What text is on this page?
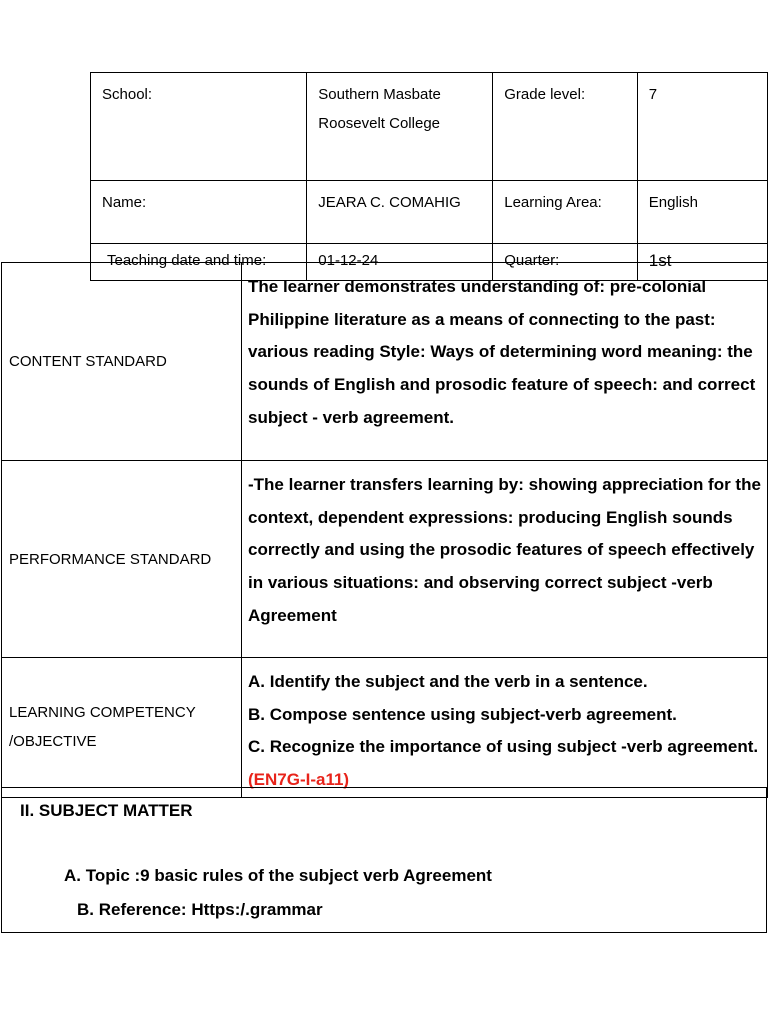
School:	Southern Masbate Roosevelt College	Grade level:	7
Name:	JEARA C. COMAHIG	Learning Area:	English
Teaching date and time:	01-12-24	Quarter:	1st
CONTENT STANDARD	The learner demonstrates understanding of: pre-colonial Philippine literature as a means of connecting to the past: various reading Style: Ways of determining word meaning: the sounds of English and prosodic feature of speech: and correct subject - verb agreement.
PERFORMANCE STANDARD	-The learner transfers learning by: showing appreciation for the context, dependent expressions: producing English sounds correctly and using the prosodic features of speech effectively in various situations: and observing correct subject -verb Agreement
LEARNING COMPETENCY /OBJECTIVE	A. Identify the subject and the verb in a sentence.
B. Compose sentence using subject-verb agreement.
C. Recognize the importance of using subject -verb agreement. (EN7G-I-a11)
II. SUBJECT MATTER
A. Topic :9 basic rules of the subject verb Agreement
B. Reference: Https:/.grammar
